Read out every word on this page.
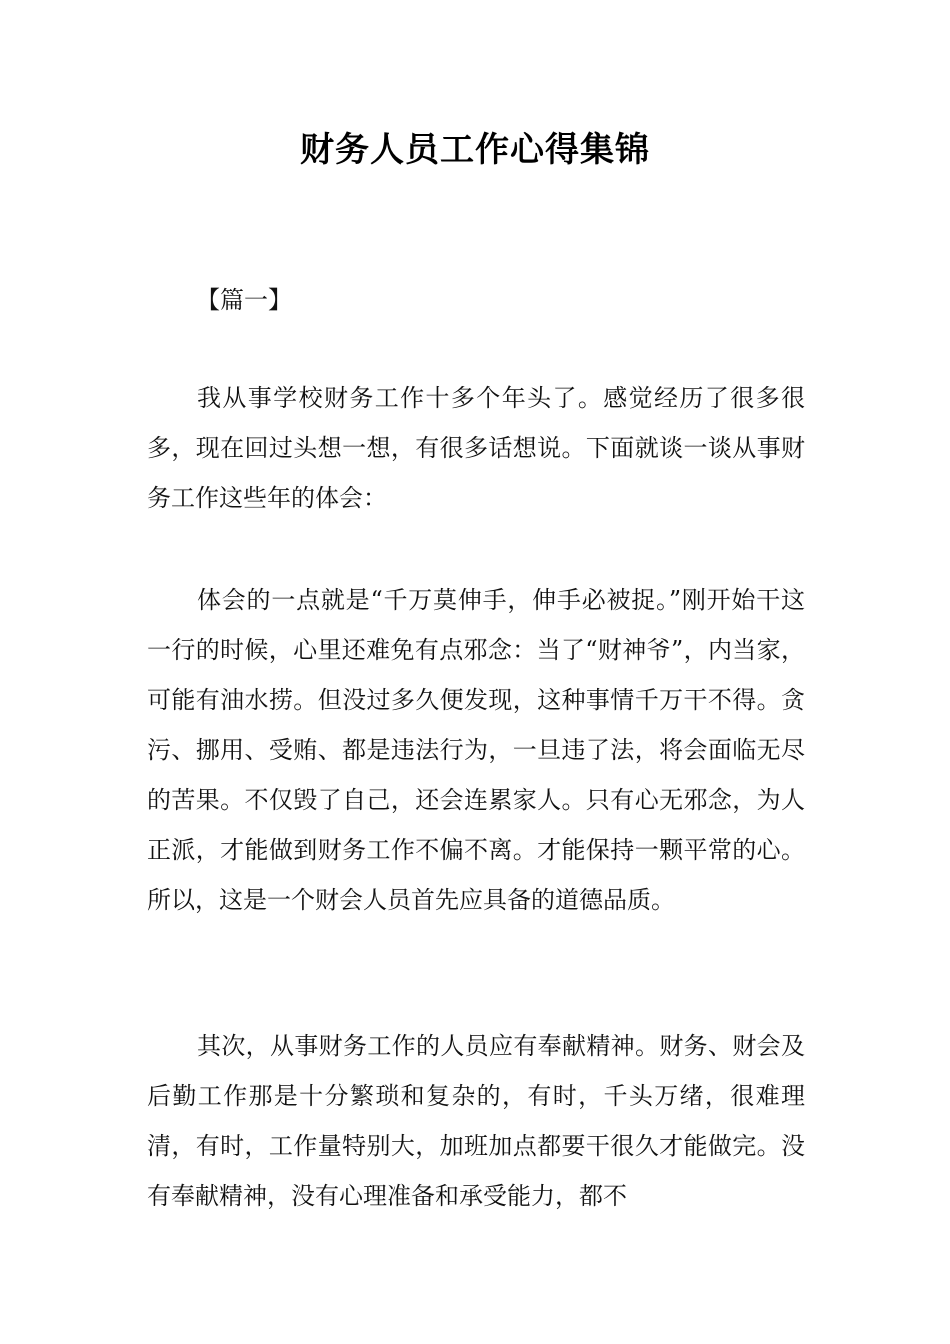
财务人员工作心得集锦
【篇一】

我从事学校财务工作十多个年头了。感觉经历了很多很多，现在回过头想一想，有很多话想说。下面就谈一谈从事财务工作这些年的体会：

体会的一点就是“千万莫伸手，伸手必被捉。”刚开始干这一行的时候，心里还难免有点邪念：当了“财神爷”，内当家，可能有油水捞。但没过多久便发现，这种事情千万干不得。贪污、挪用、受贿、都是违法行为，一旦违了法，将会面临无尽的苦果。不仅毁了自己，还会连累家人。只有心无邪念，为人正派，才能做到财务工作不偏不离。才能保持一颗平常的心。所以，这是一个财会人员首先应具备的道德品质。

其次，从事财务工作的人员应有奉献精神。财务、财会及后勤工作那是十分繁琐和复杂的，有时，千头万绪，很难理清，有时，工作量特别大，加班加点都要干很久才能做完。没有奉献精神，没有心理准备和承受能力，都不
